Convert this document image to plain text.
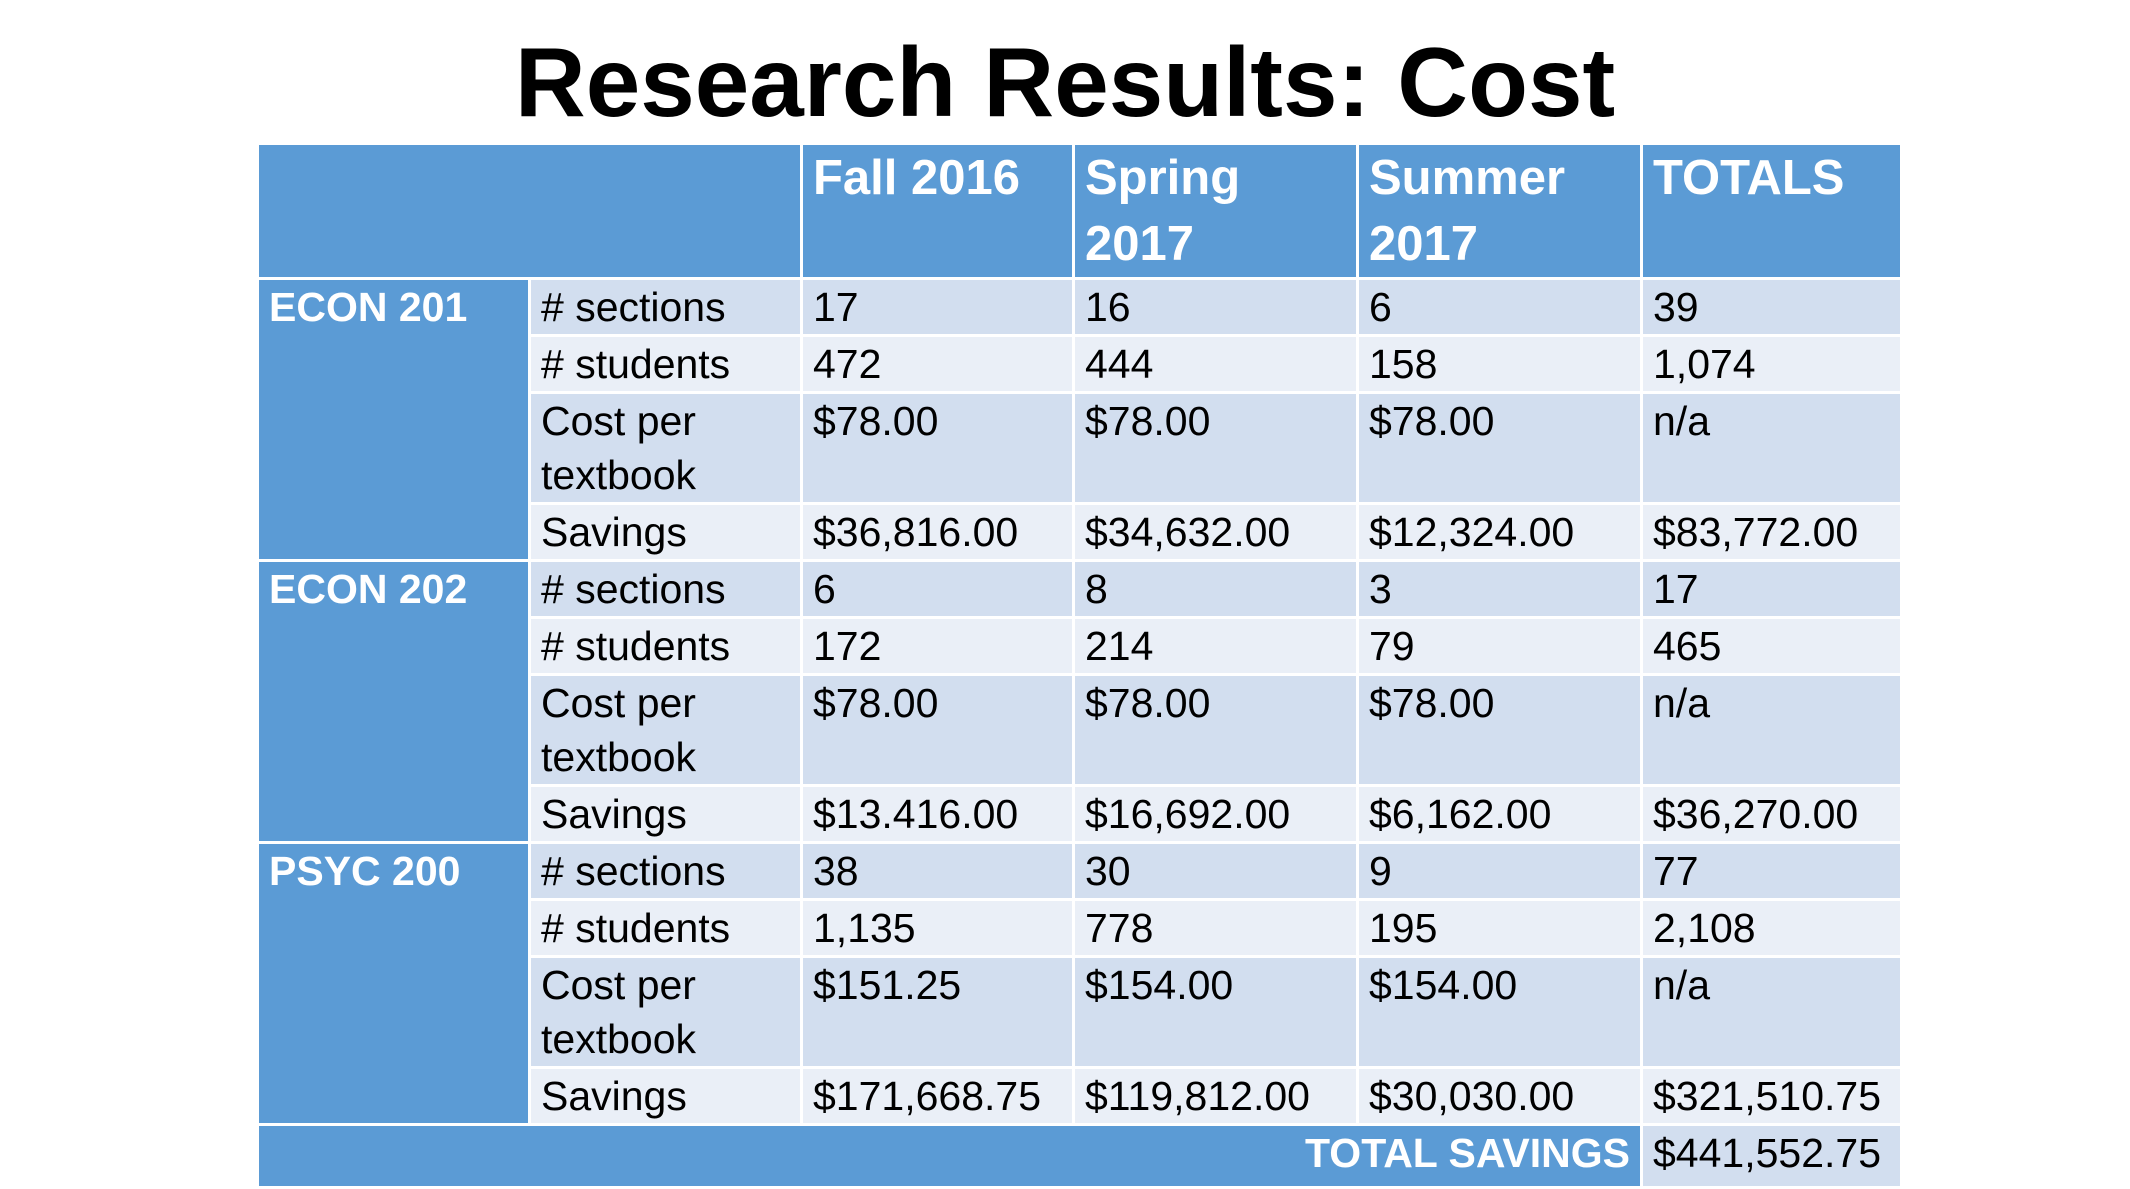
Research Results: Cost
		Fall 2016	Spring 2017	Summer 2017	TOTALS
ECON 201	# sections	17	16	6	39
	# students	472	444	158	1,074
	Cost per textbook	$78.00	$78.00	$78.00	n/a
	Savings	$36,816.00	$34,632.00	$12,324.00	$83,772.00
ECON 202	# sections	6	8	3	17
	# students	172	214	79	465
	Cost per textbook	$78.00	$78.00	$78.00	n/a
	Savings	$13.416.00	$16,692.00	$6,162.00	$36,270.00
PSYC 200	# sections	38	30	9	77
	# students	1,135	778	195	2,108
	Cost per textbook	$151.25	$154.00	$154.00	n/a
	Savings	$171,668.75	$119,812.00	$30,030.00	$321,510.75
TOTAL SAVINGS					$441,552.75
